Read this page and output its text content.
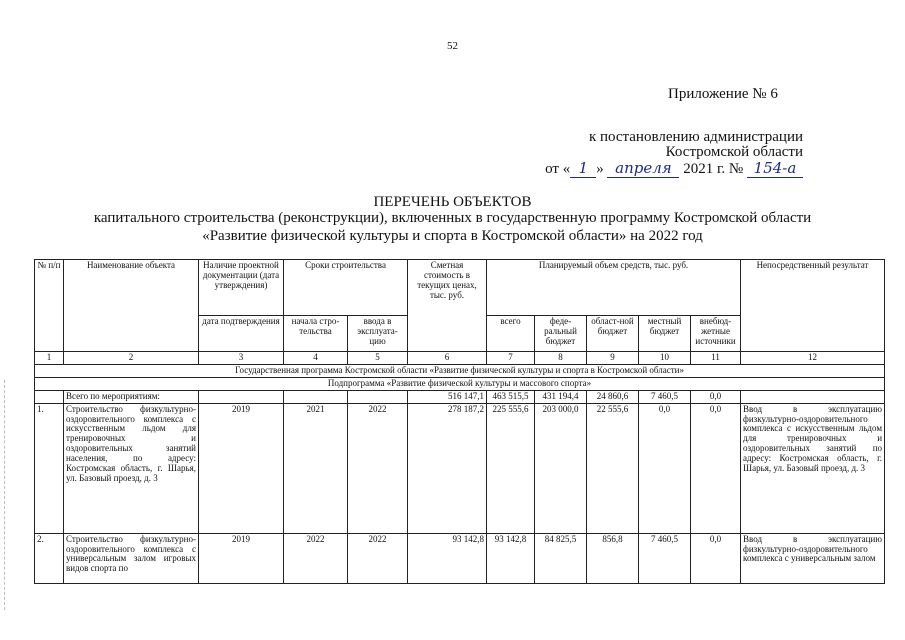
52
Приложение № 6
к постановлению администрации
Костромской области
от « 1 » апреля 2021 г. № 154-а
ПЕРЕЧЕНЬ ОБЪЕКТОВ
капитального строительства (реконструкции), включенных в государственную программу Костромской области
«Развитие физической культуры и спорта в Костромской области» на 2022 год
№ п/п	Наименование объекта	Наличие проектной документации (дата утверждения)	Сроки строительства		Сметная стоимость в текущих ценах, тыс. руб.	Планируемый объем средств, тыс. руб.					Непосредственный результат
		дата подтверждения	начала стро-тельства	ввода в эксплуата-цию		всего	феде-ральный бюджет	област-ной бюджет	местный бюджет	внебюд-жетные источники	
1	2	3	4	5	6	7	8	9	10	11	12
Государственная программа Костромской области «Развитие физической культуры и спорта в Костромской области»											
Подпрограмма «Развитие физической культуры и массового спорта»											
	Всего по мероприятиям:				516 147,1	463 515,5	431 194,4	24 860,6	7 460,5	0,0	
1.	Строительство физкультурно-оздоровительного комплекса с искусственным льдом для тренировочных и оздоровительных занятий населения, по адресу: Костромская область, г. Шарья, ул. Базовый проезд, д. 3	2019	2021	2022	278 187,2	225 555,6	203 000,0	22 555,6	0,0	0,0	Ввод в эксплуатацию физкультурно-оздоровительного комплекса с искусственным льдом для тренировочных и оздоровительных занятий по адресу: Костромская область, г. Шарья, ул. Базовый проезд, д. 3
2.	Строительство физкультурно-оздоровительного комплекса с универсальным залом игровых видов спорта по	2019	2022	2022	93 142,8	93 142,8	84 825,5	856,8	7 460,5	0,0	Ввод в эксплуатацию физкультурно-оздоровительного комплекса с универсальным залом
